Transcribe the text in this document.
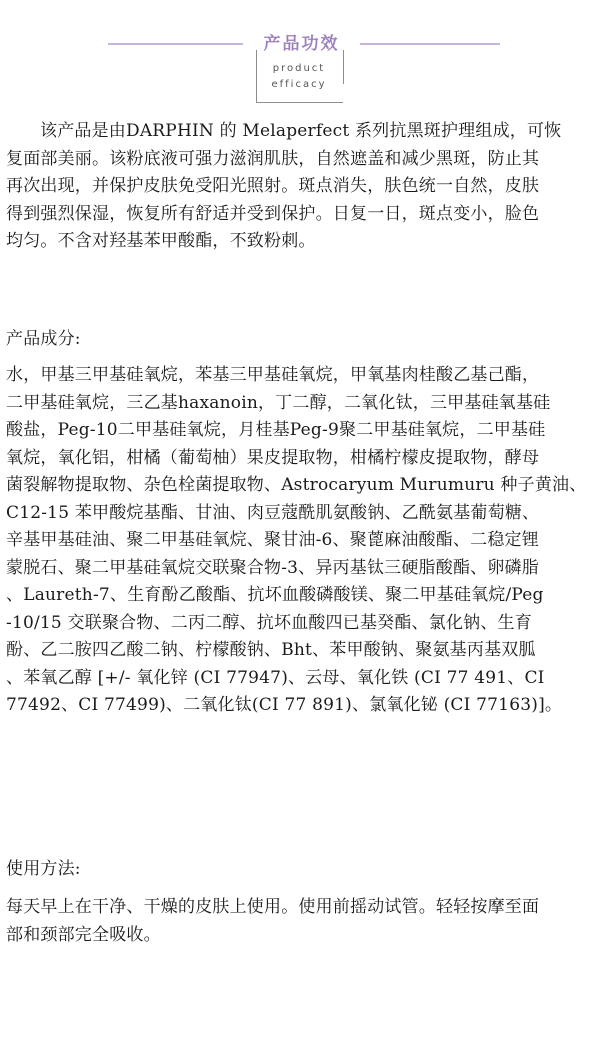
产品功效
product
efficacy
该产品是由DARPHIN 的 Melaperfect 系列抗黑斑护理组成，可恢
复面部美丽。该粉底液可强力滋润肌肤，自然遮盖和减少黑斑，防止其
再次出现，并保护皮肤免受阳光照射。斑点消失，肤色统一自然，皮肤
得到强烈保湿，恢复所有舒适并受到保护。日复一日，斑点变小，脸色
均匀。不含对羟基苯甲酸酯，不致粉刺。
产品成分:
水，甲基三甲基硅氧烷，苯基三甲基硅氧烷，甲氧基肉桂酸乙基己酯，
二甲基硅氧烷，三乙基haxanoin，丁二醇，二氧化钛，三甲基硅氧基硅
酸盐，Peg-10二甲基硅氧烷，月桂基Peg-9聚二甲基硅氧烷，二甲基硅
氧烷，氧化铝，柑橘（葡萄柚）果皮提取物，柑橘柠檬皮提取物，酵母
菌裂解物提取物、杂色栓菌提取物、Astrocaryum Murumuru 种子黄油、
C12-15 苯甲酸烷基酯、甘油、肉豆蔻酰肌氨酸钠、乙酰氨基葡萄糖、
辛基甲基硅油、聚二甲基硅氧烷、聚甘油-6、聚蓖麻油酸酯、二稳定锂
蒙脱石、聚二甲基硅氧烷交联聚合物-3、异丙基钛三硬脂酸酯、卵磷脂
、Laureth-7、生育酚乙酸酯、抗坏血酸磷酸镁、聚二甲基硅氧烷/Peg
-10/15 交联聚合物、二丙二醇、抗坏血酸四已基癸酯、氯化钠、生育
酚、乙二胺四乙酸二钠、柠檬酸钠、Bht、苯甲酸钠、聚氨基丙基双胍
、苯氧乙醇 [+/- 氧化锌 (CI 77947)、云母、氧化铁 (CI 77 491、CI
77492、CI 77499)、二氧化钛(CI 77 891)、氯氧化铋 (CI 77163)]。
使用方法:
每天早上在干净、干燥的皮肤上使用。使用前摇动试管。轻轻按摩至面
部和颈部完全吸收。
